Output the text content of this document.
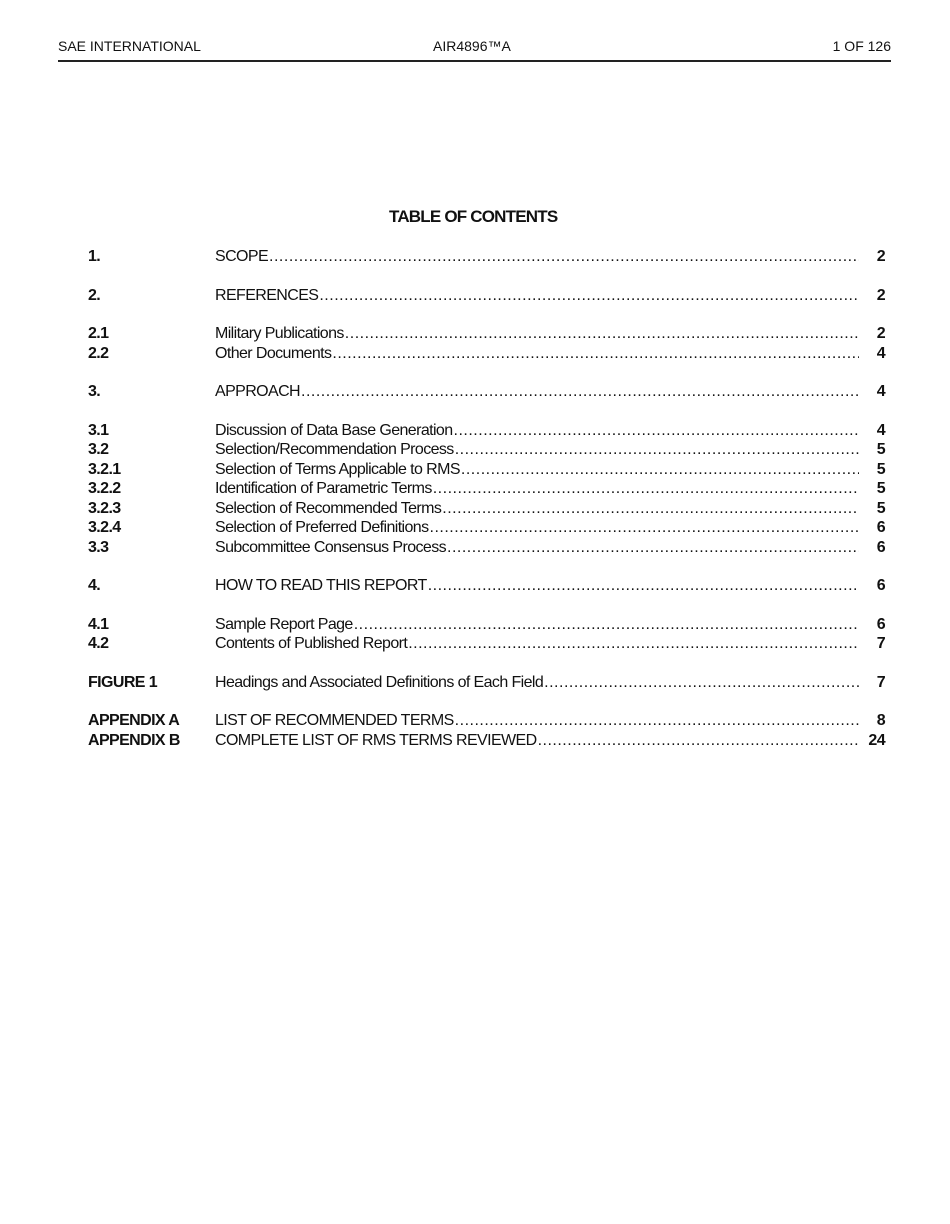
SAE INTERNATIONAL	AIR4896™A	1 OF 126
TABLE OF CONTENTS
1.	SCOPE .....	2
2.	REFERENCES .....	2
2.1	Military Publications .....	2
2.2	Other Documents .....	4
3.	APPROACH .....	4
3.1	Discussion of Data Base Generation .....	4
3.2	Selection/Recommendation Process .....	5
3.2.1	Selection of Terms Applicable to RMS .....	5
3.2.2	Identification of Parametric Terms .....	5
3.2.3	Selection of Recommended Terms .....	5
3.2.4	Selection of Preferred Definitions .....	6
3.3	Subcommittee Consensus Process .....	6
4.	HOW TO READ THIS REPORT .....	6
4.1	Sample Report Page .....	6
4.2	Contents of Published Report .....	7
FIGURE 1	Headings and Associated Definitions of Each Field .....	7
APPENDIX A	LIST OF RECOMMENDED TERMS .....	8
APPENDIX B	COMPLETE LIST OF RMS TERMS REVIEWED .....	24
